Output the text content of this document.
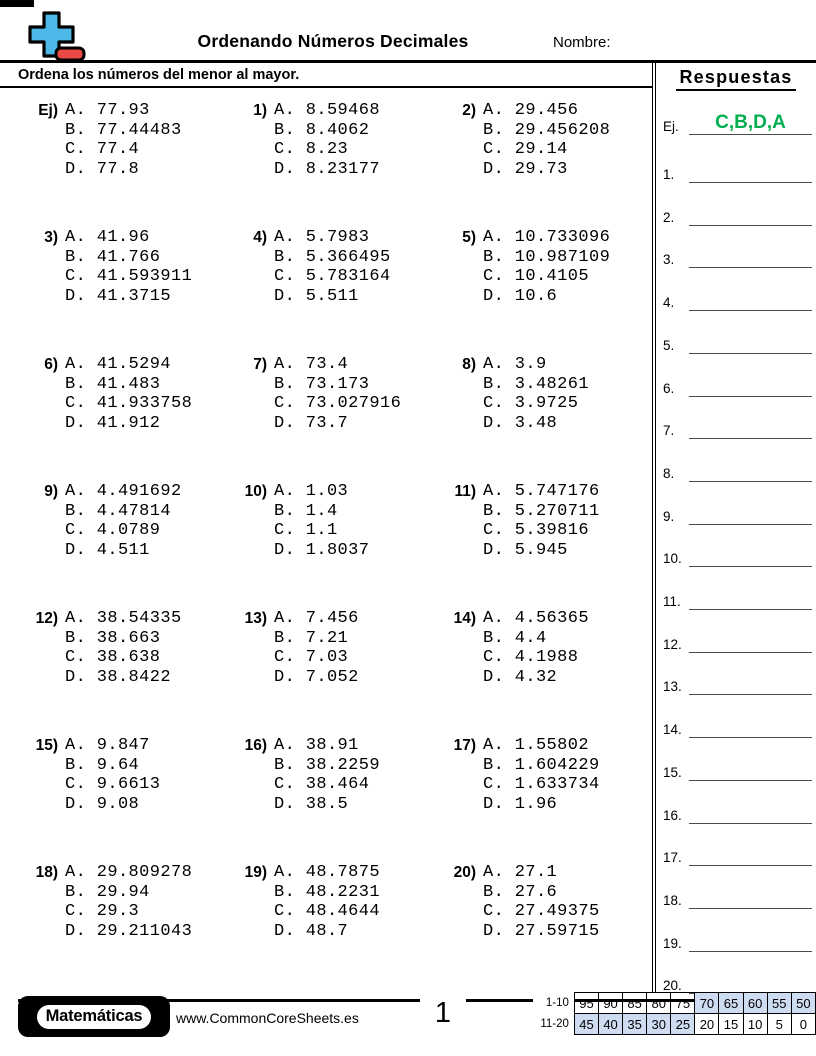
Ordenando Números Decimales	Nombre:
Ordena los números del menor al mayor.
Ej) A. 77.93
B. 77.44483
C. 77.4
D. 77.8
1) A. 8.59468
B. 8.4062
C. 8.23
D. 8.23177
2) A. 29.456
B. 29.456208
C. 29.14
D. 29.73
3) A. 41.96
B. 41.766
C. 41.593911
D. 41.3715
4) A. 5.7983
B. 5.366495
C. 5.783164
D. 5.511
5) A. 10.733096
B. 10.987109
C. 10.4105
D. 10.6
6) A. 41.5294
B. 41.483
C. 41.933758
D. 41.912
7) A. 73.4
B. 73.173
C. 73.027916
D. 73.7
8) A. 3.9
B. 3.48261
C. 3.9725
D. 3.48
9) A. 4.491692
B. 4.47814
C. 4.0789
D. 4.511
10) A. 1.03
B. 1.4
C. 1.1
D. 1.8037
11) A. 5.747176
B. 5.270711
C. 5.39816
D. 5.945
12) A. 38.54335
B. 38.663
C. 38.638
D. 38.8422
13) A. 7.456
B. 7.21
C. 7.03
D. 7.052
14) A. 4.56365
B. 4.4
C. 4.1988
D. 4.32
15) A. 9.847
B. 9.64
C. 9.6613
D. 9.08
16) A. 38.91
B. 38.2259
C. 38.464
D. 38.5
17) A. 1.55802
B. 1.604229
C. 1.633734
D. 1.96
18) A. 29.809278
B. 29.94
C. 29.3
D. 29.211043
19) A. 48.7875
B. 48.2231
C. 48.4644
D. 48.7
20) A. 27.1
B. 27.6
C. 27.49375
D. 27.59715
Respuestas
Ej.	C,B,D,A
1.
2.
3.
4.
5.
6.
7.
8.
9.
10.
11.
12.
13.
14.
15.
16.
17.
18.
19.
20.
Matemáticas	www.CommonCoreSheets.es	1	1-10	95	90	85	80	75	70	65	60	55	50
11-20	45	40	35	30	25	20	15	10	5	0
